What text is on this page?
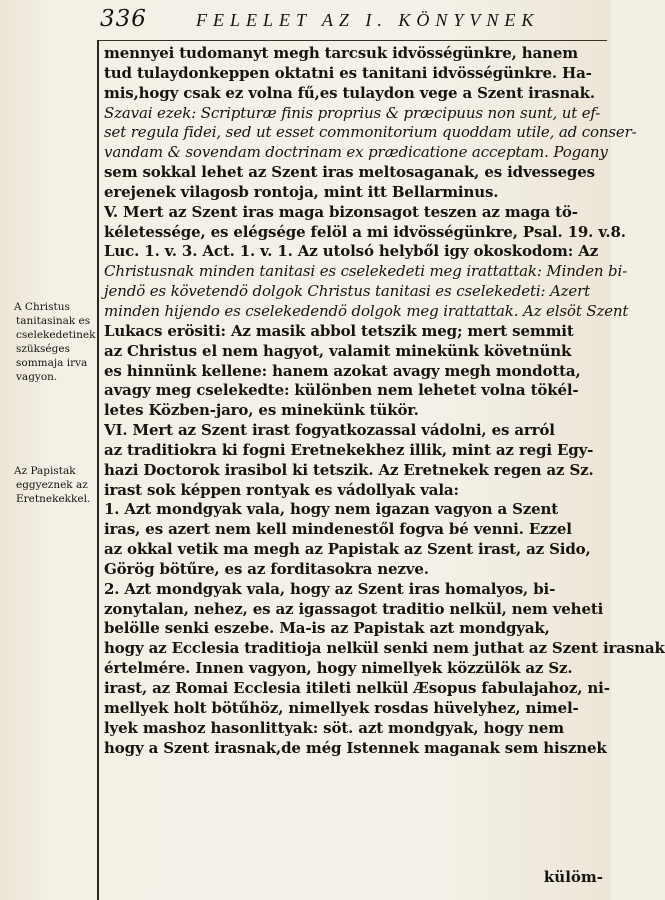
336	FELELET AZ I. KÖNYVNEK

A Christus tanitasinak es cselekedetinek szükséges sommaja irva vagyon.

Az Papistak eggyeznek az Eretnekekkel.

mennyei tudomanyt megh tarcsuk idvösségünkre, hanem
tud tulaydonkeppen oktatni es tanitani idvösségünkre. Ha-
mis,hogy csak ez volna fű,es tulaydon vege a Szent irasnak.
Szavai ezek: Scripturæ finis proprius & præcipuus non sunt, ut ef-
set regula fidei, sed ut esset commonitorium quoddam utile, ad conser-
vandam & sovendam doctrinam ex prædicatione acceptam. Pogany
sem sokkal lehet az Szent iras meltosaganak, es idvesseges
erejenek vilagosb rontoja, mint itt Bellarminus.
V. Mert az Szent iras maga bizonsagot teszen az maga tö-
kéletessége, es elégsége felöl a mi idvösségünkre, Psal. 19. v.8.
Luc. 1. v. 3. Act. 1. v. 1. Az utolsó helyből igy okoskodom: Az
Christusnak minden tanitasi es cselekedeti meg irattattak: Minden bi-
jendö es követendö dolgok Christus tanitasi es cselekedeti: Azert
minden hijendo es cselekedendö dolgok meg irattattak. Az elsöt Szent
Lukacs erösiti: Az masik abbol tetszik meg; mert semmit
az Christus el nem hagyot, valamit minekünk követnünk
es hinnünk kellene: hanem azokat avagy megh mondotta,
avagy meg cselekedte: különben nem lehetet volna tökél-
letes Közben-jaro, es minekünk tükör.
VI. Mert az Szent irast fogyatkozassal vádolni, es arról
az traditiokra ki fogni Eretnekekhez illik, mint az regi Egy-
hazi Doctorok irasibol ki tetszik. Az Eretnekek regen az Sz.
irast sok képpen rontyak es vádollyak vala:
1. Azt mondgyak vala, hogy nem igazan vagyon a Szent
iras, es azert nem kell mindenestől fogva bé venni. Ezzel
az okkal vetik ma megh az Papistak az Szent irast, az Sido,
Görög bötűre, es az forditasokra nezve.
2. Azt mondgyak vala, hogy az Szent iras homalyos, bi-
zonytalan, nehez, es az igassagot traditio nelkül, nem veheti
belölle senki eszebe. Ma-is az Papistak azt mondgyak,
hogy az Ecclesia traditioja nelkül senki nem juthat az Szent irasnak
értelmére. Innen vagyon, hogy nimellyek közzülök az Sz.
irast, az Romai Ecclesia itileti nelkül Æsopus fabulajahoz, ni-
mellyek holt bötűhöz, nimellyek rosdas hüvelyhez, nimel-
lyek mashoz hasonlittyak: söt. azt mondgyak, hogy nem
hogy a Szent irasnak,de még Istennek maganak sem hisznek
külöm-
